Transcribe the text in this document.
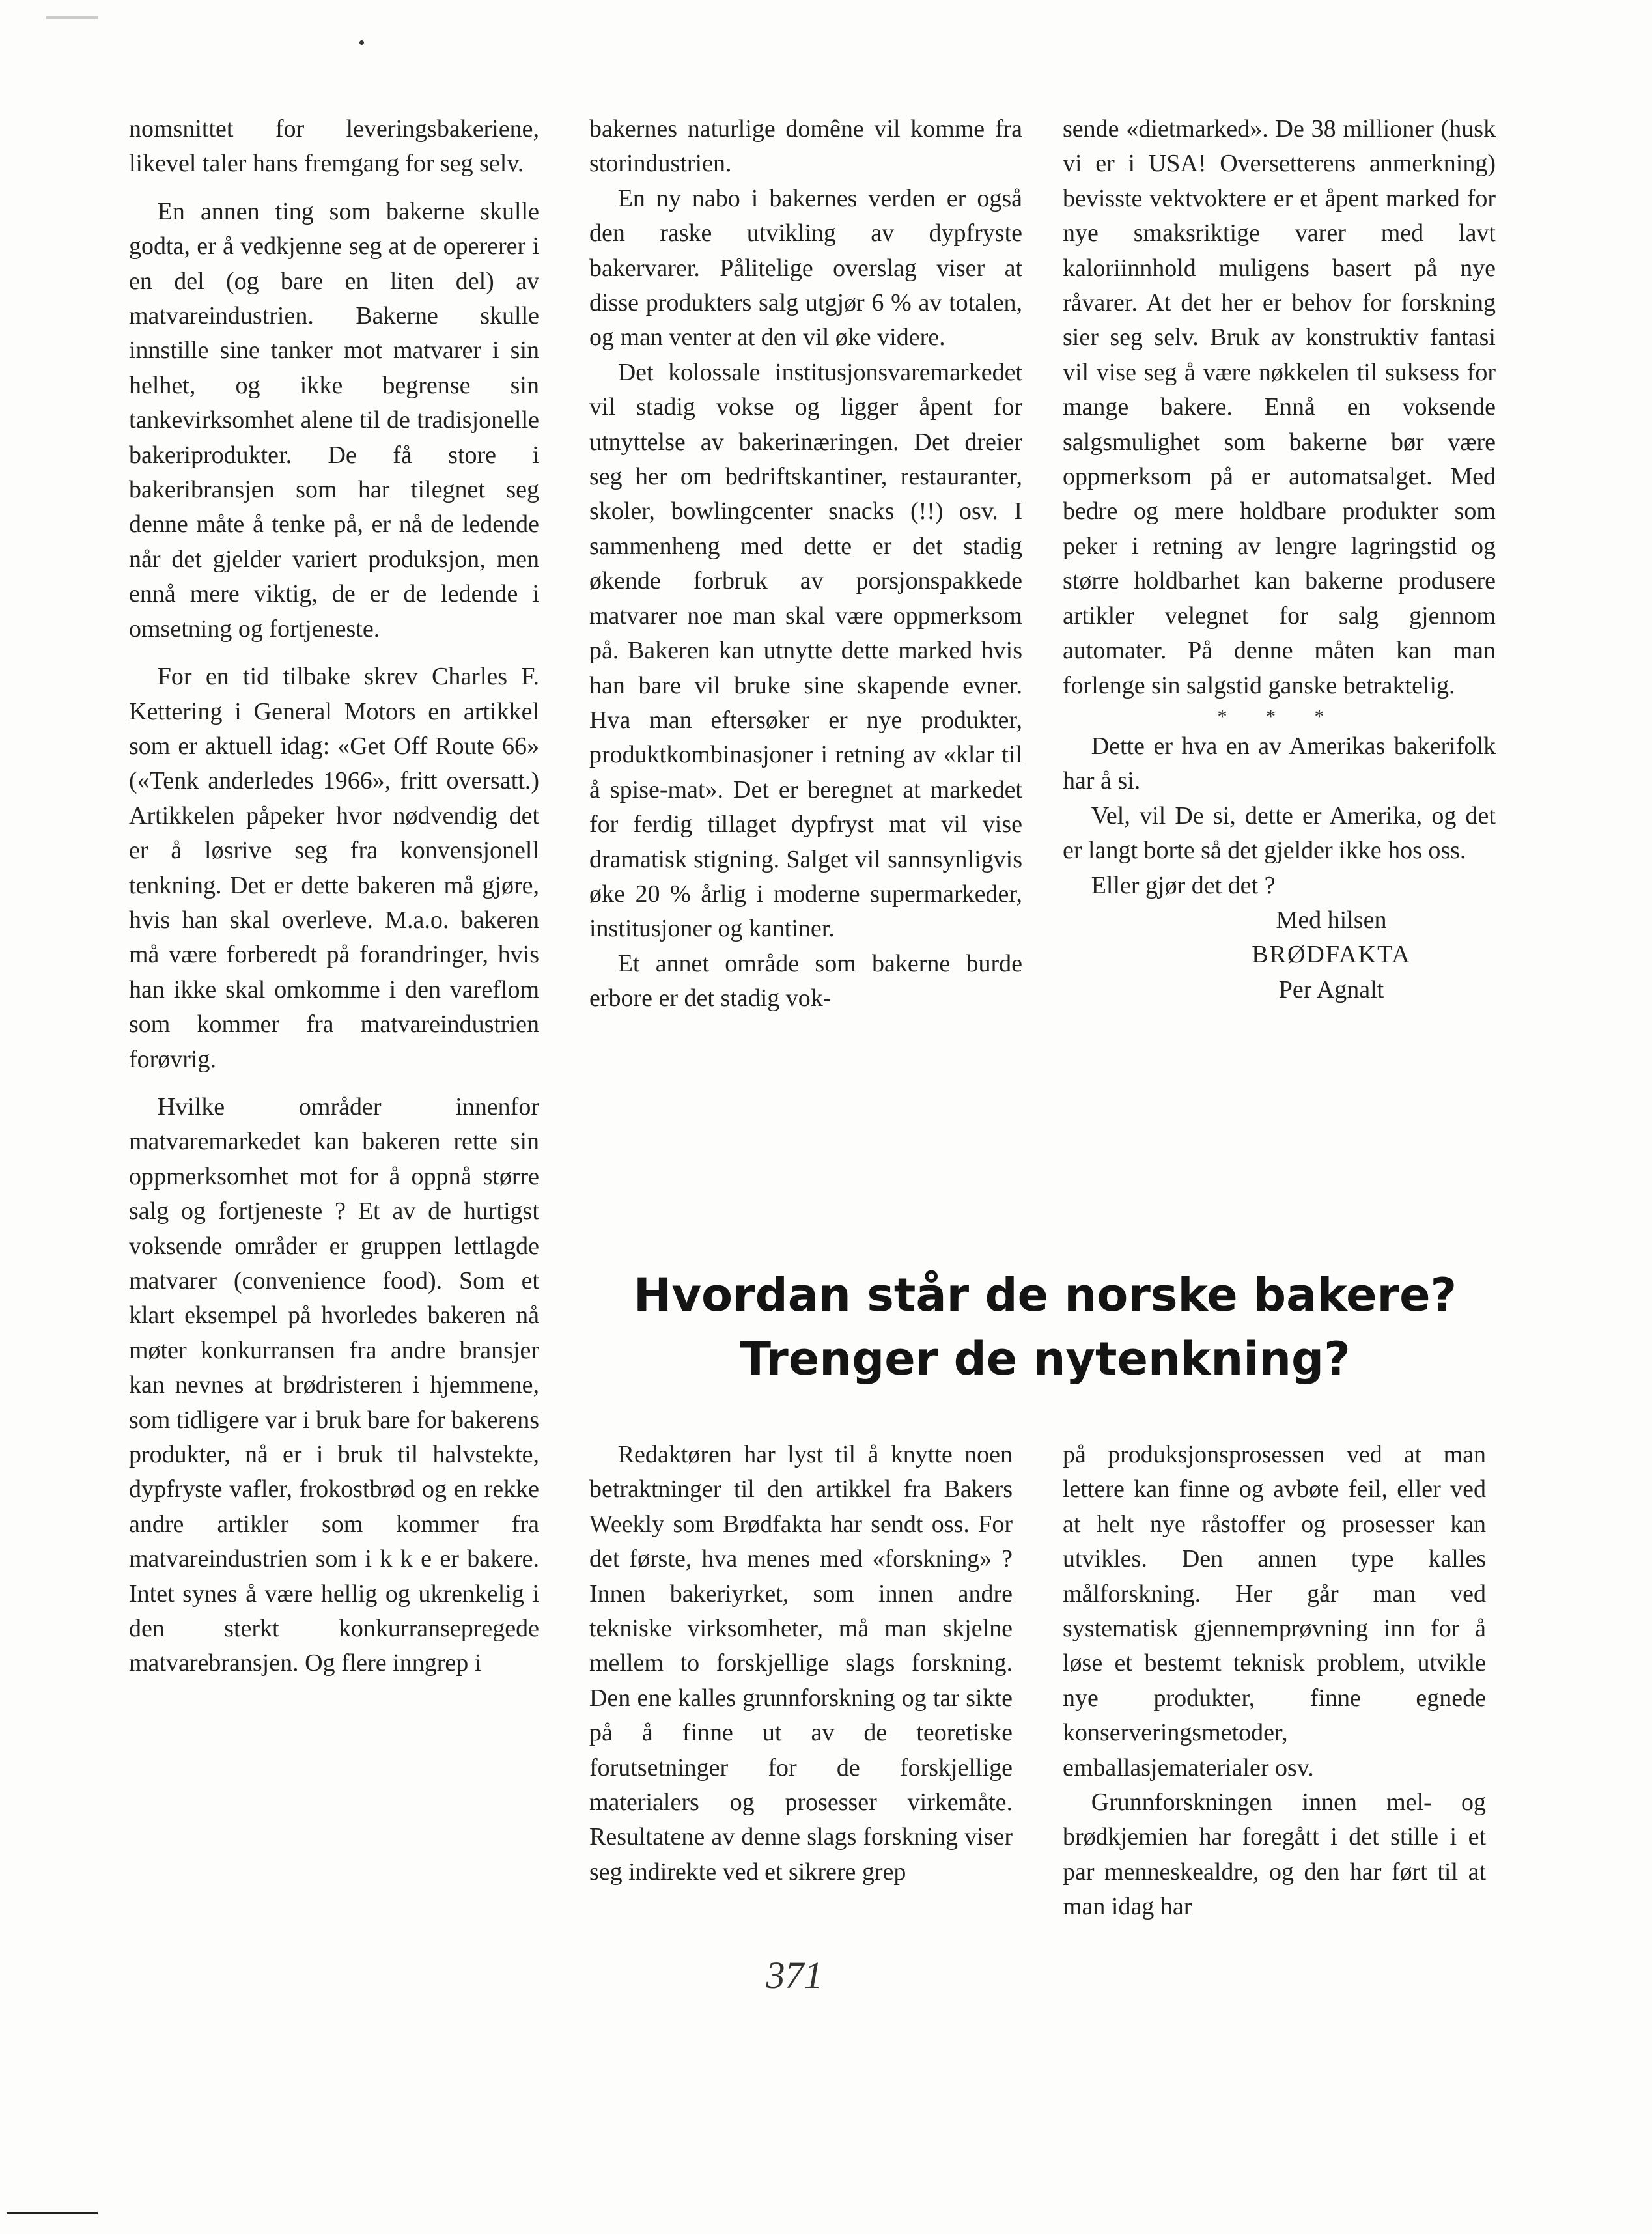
nomsnittet for leveringsbakeriene, likevel taler hans fremgang for seg selv.

En annen ting som bakerne skulle godta, er å vedkjenne seg at de opererer i en del (og bare en liten del) av matvareindustrien. Bakerne skulle innstille sine tanker mot matvarer i sin helhet, og ikke begrense sin tankevirksomhet alene til de tradisjonelle bakeriprodukter. De få store i bakeribransjen som har tilegnet seg denne måte å tenke på, er nå de ledende når det gjelder variert produksjon, men ennå mere viktig, de er de ledende i omsetning og fortjeneste.

For en tid tilbake skrev Charles F. Kettering i General Motors en artikkel som er aktuell idag: «Get Off Route 66» («Tenk anderledes 1966», fritt oversatt.) Artikkelen påpeker hvor nødvendig det er å løsrive seg fra konvensjonell tenkning. Det er dette bakeren må gjøre, hvis han skal overleve. M.a.o. bakeren må være forberedt på forandringer, hvis han ikke skal omkomme i den vareflom som kommer fra matvareindustrien forøvrig.

Hvilke områder innenfor matvaremarkedet kan bakeren rette sin oppmerksomhet mot for å oppnå større salg og fortjeneste ? Et av de hurtigst voksende områder er gruppen lettlagde matvarer (convenience food). Som et klart eksempel på hvorledes bakeren nå møter konkurransen fra andre bransjer kan nevnes at brødristeren i hjemmene, som tidligere var i bruk bare for bakerens produkter, nå er i bruk til halvstekte, dypfryste vafler, frokostbrød og en rekke andre artikler som kommer fra matvareindustrien som i k k e er bakere. Intet synes å være hellig og ukrenkelig i den sterkt konkurransepregede matvarebransjen. Og flere inngrep i

bakernes naturlige domêne vil komme fra storindustrien.

En ny nabo i bakernes verden er også den raske utvikling av dypfryste bakervarer. Pålitelige overslag viser at disse produkters salg utgjør 6 % av totalen, og man venter at den vil øke videre.

Det kolossale institusjonsvaremarkedet vil stadig vokse og ligger åpent for utnyttelse av bakerinæringen. Det dreier seg her om bedriftskantiner, restauranter, skoler, bowlingcenter snacks (!!) osv. I sammenheng med dette er det stadig økende forbruk av porsjonspakkede matvarer noe man skal være oppmerksom på. Bakeren kan utnytte dette marked hvis han bare vil bruke sine skapende evner. Hva man eftersøker er nye produkter, produktkombinasjoner i retning av «klar til å spise-mat». Det er beregnet at markedet for ferdig tillaget dypfryst mat vil vise dramatisk stigning. Salget vil sannsynligvis øke 20 % årlig i moderne supermarkeder, institusjoner og kantiner.

Et annet område som bakerne burde erbore er det stadig vok-

sende «dietmarked». De 38 millioner (husk vi er i USA! Oversetterens anmerkning) bevisste vektvoktere er et åpent marked for nye smaksriktige varer med lavt kaloriinnhold muligens basert på nye råvarer. At det her er behov for forskning sier seg selv. Bruk av konstruktiv fantasi vil vise seg å være nøkkelen til suksess for mange bakere. Ennå en voksende salgsmulighet som bakerne bør være oppmerksom på er automatsalget. Med bedre og mere holdbare produkter som peker i retning av lengre lagringstid og større holdbarhet kan bakerne produsere artikler velegnet for salg gjennom automater. På denne måten kan man forlenge sin salgstid ganske betraktelig.

* * *

Dette er hva en av Amerikas bakerifolk har å si.

Vel, vil De si, dette er Amerika, og det er langt borte så det gjelder ikke hos oss.

Eller gjør det det ?

Med hilsen
BRØDFAKTA
Per Agnalt
Hvordan står de norske bakere?
Trenger de nytenkning?

Redaktøren har lyst til å knytte noen betraktninger til den artikkel fra Bakers Weekly som Brødfakta har sendt oss. For det første, hva menes med «forskning» ? Innen bakeriyrket, som innen andre tekniske virksomheter, må man skjelne mellem to forskjellige slags forskning. Den ene kalles grunnforskning og tar sikte på å finne ut av de teoretiske forutsetninger for de forskjellige materialers og prosesser virkemåte. Resultatene av denne slags forskning viser seg indirekte ved et sikrere grep

på produksjonsprosessen ved at man lettere kan finne og avbøte feil, eller ved at helt nye råstoffer og prosesser kan utvikles. Den annen type kalles målforskning. Her går man ved systematisk gjennemprøvning inn for å løse et bestemt teknisk problem, utvikle nye produkter, finne egnede konserveringsmetoder, emballasjematerialer osv.

Grunnforskningen innen mel- og brødkjemien har foregått i det stille i et par menneskealdre, og den har ført til at man idag har

371
